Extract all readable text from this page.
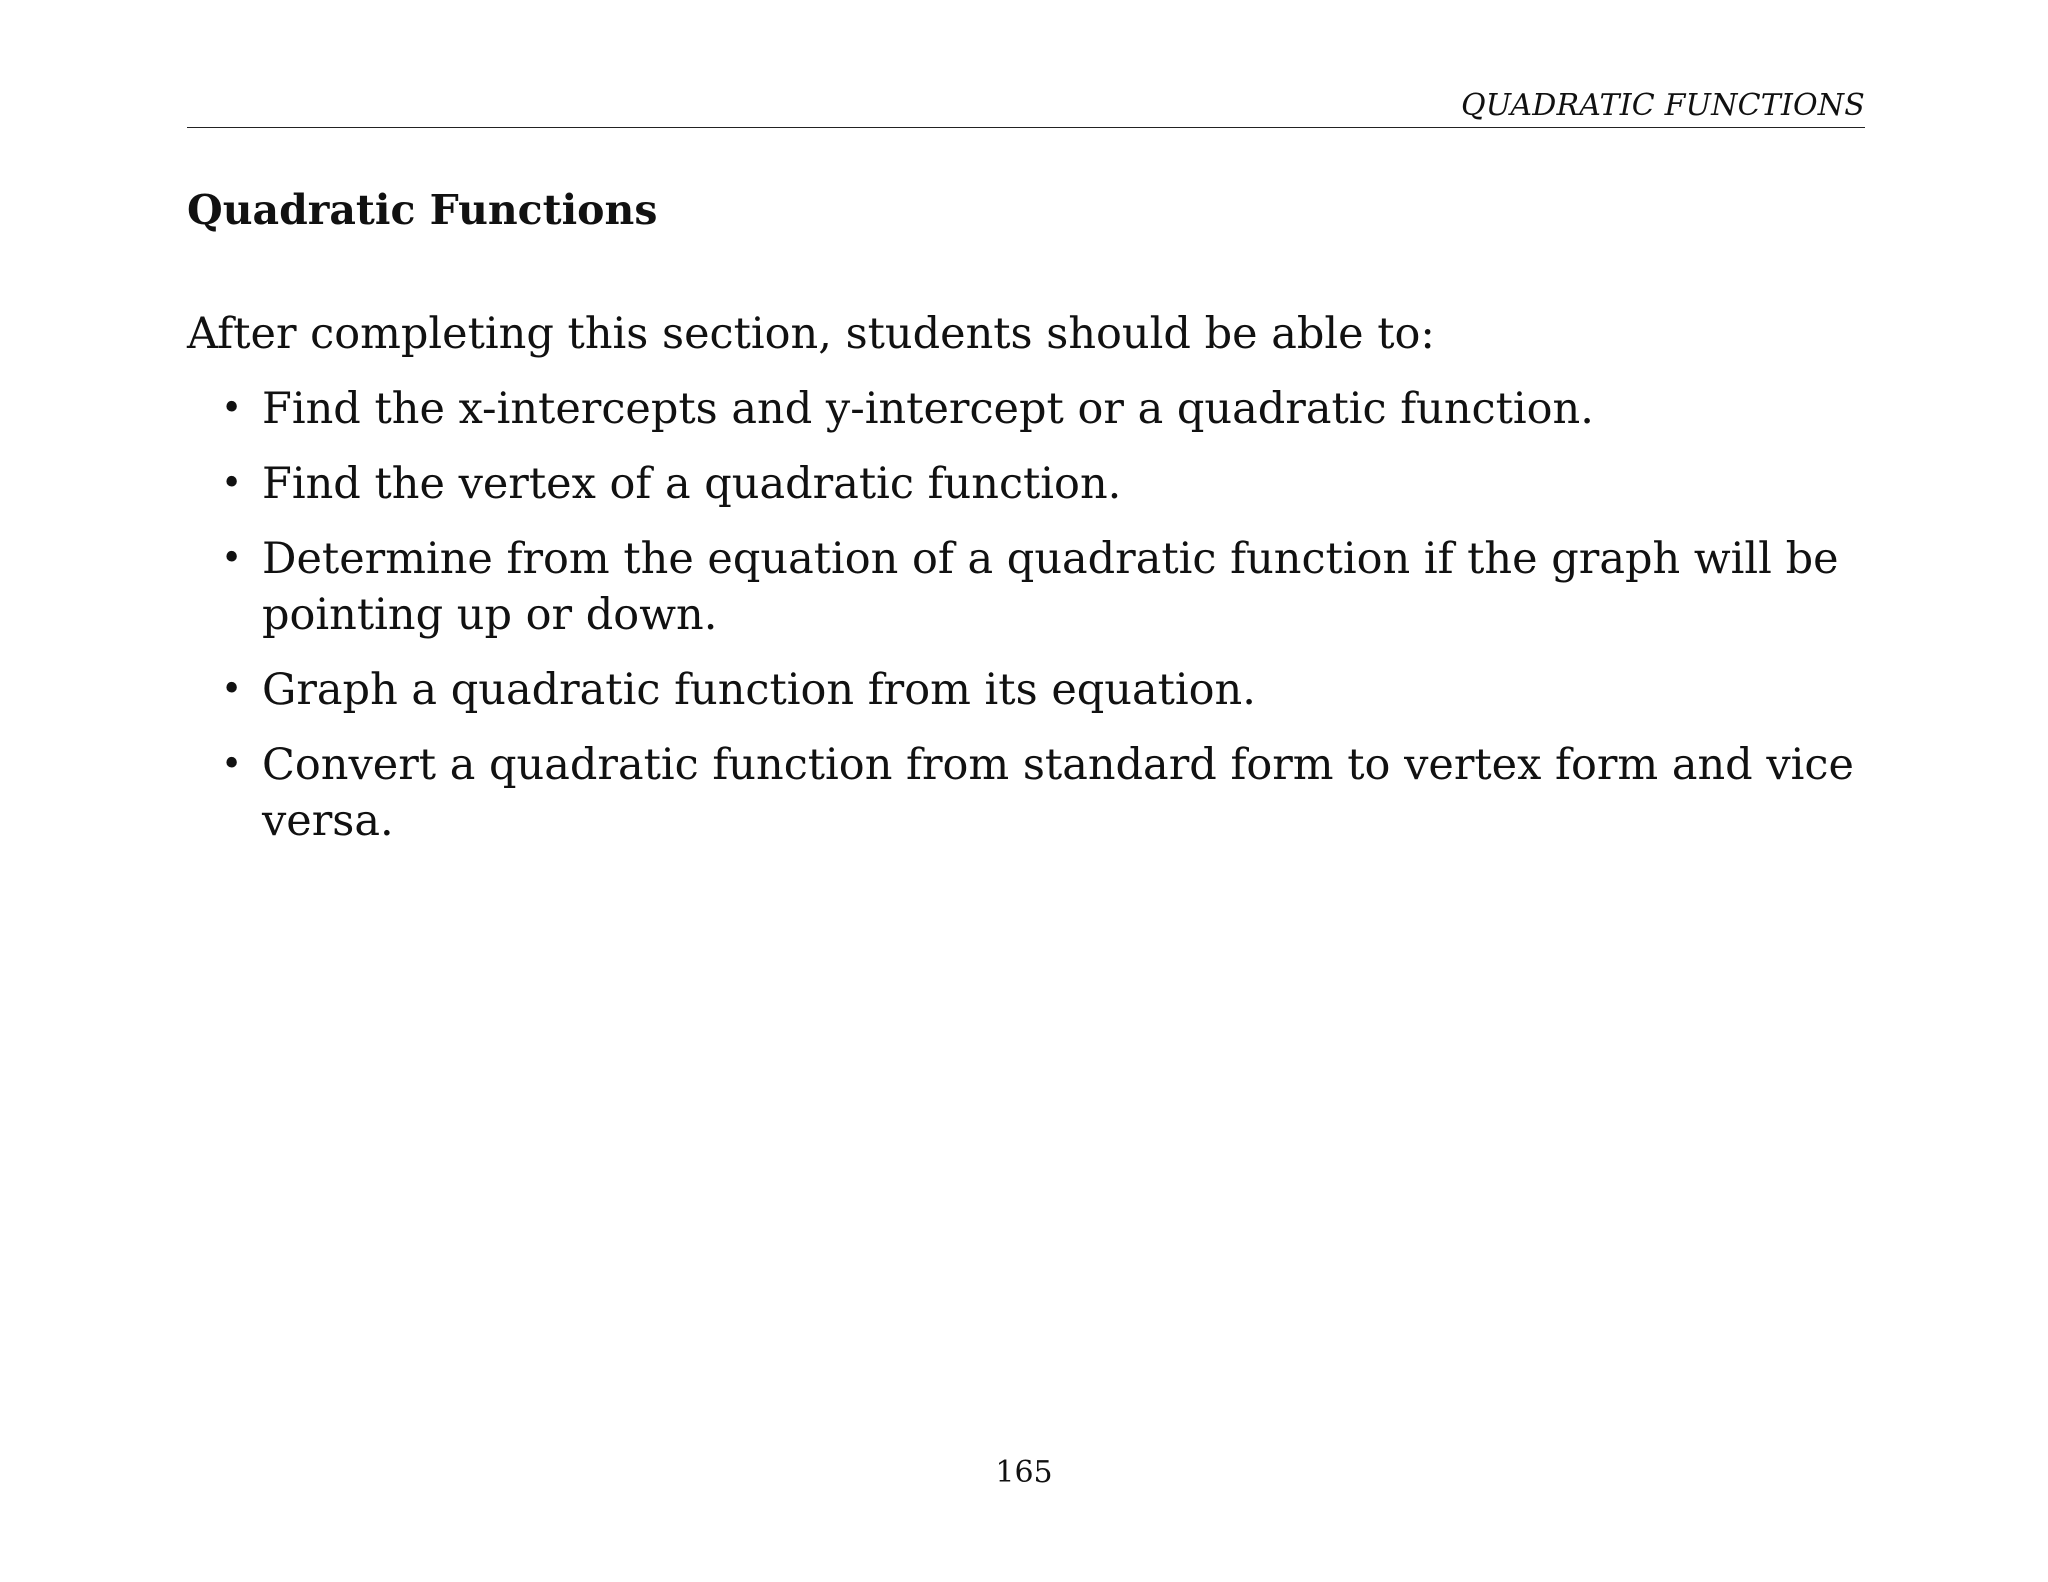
QUADRATIC FUNCTIONS
Quadratic Functions

After completing this section, students should be able to:

• Find the x-intercepts and y-intercept or a quadratic function.
• Find the vertex of a quadratic function.
• Determine from the equation of a quadratic function if the graph will be pointing up or down.
• Graph a quadratic function from its equation.
• Convert a quadratic function from standard form to vertex form and vice versa.
165
